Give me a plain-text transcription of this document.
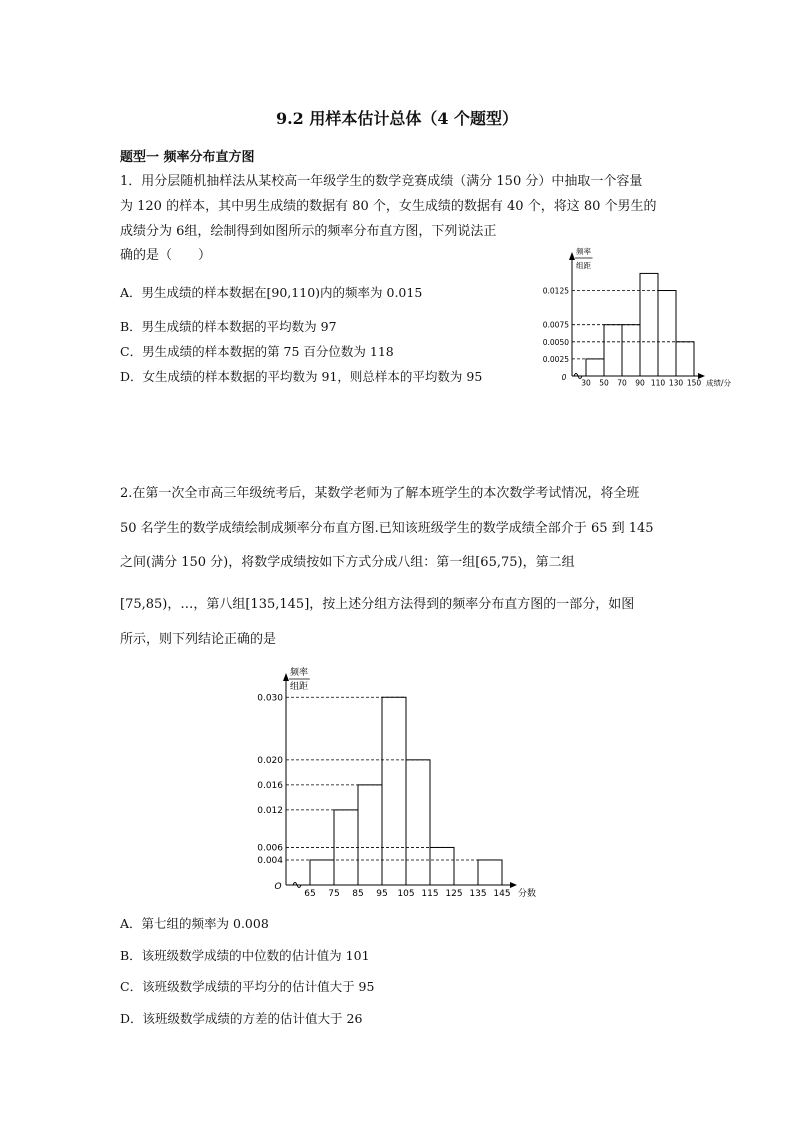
9.2 用样本估计总体（4 个题型）
题型一 频率分布直方图
1．用分层随机抽样法从某校高一年级学生的数学竞赛成绩（满分 150 分）中抽取一个容量
为 120 的样本，其中男生成绩的数据有 80 个，女生成绩的数据有 40 个，将这 80 个男生的
成绩分为 6组，绘制得到如图所示的频率分布直方图，下列说法正
确的是（　　）
A．男生成绩的样本数据在[90,110)内的频率为 0.015
B．男生成绩的样本数据的平均数为 97
C．男生成绩的样本数据的第 75 百分位数为 118
D．女生成绩的样本数据的平均数为 91，则总样本的平均数为 95
频率
组距
0
0.0025
0.0050
0.0075
0.0125
30 50 70 90 110 130 150 成绩/分
2.在第一次全市高三年级统考后，某数学老师为了解本班学生的本次数学考试情况，将全班
50 名学生的数学成绩绘制成频率分布直方图.已知该班级学生的数学成绩全部介于 65 到 145
之间(满分 150 分)，将数学成绩按如下方式分成八组：第一组[65,75)，第二组
[75,85)，…，第八组[135,145]，按上述分组方法得到的频率分布直方图的一部分，如图
所示，则下列结论正确的是
频率
组距
O
0.030
0.020
0.016
0.012
0.006
0.004
65 75 85 95 105 115 125 135 145 分数
A．第七组的频率为 0.008
B．该班级数学成绩的中位数的估计值为 101
C．该班级数学成绩的平均分的估计值大于 95
D．该班级数学成绩的方差的估计值大于 26
